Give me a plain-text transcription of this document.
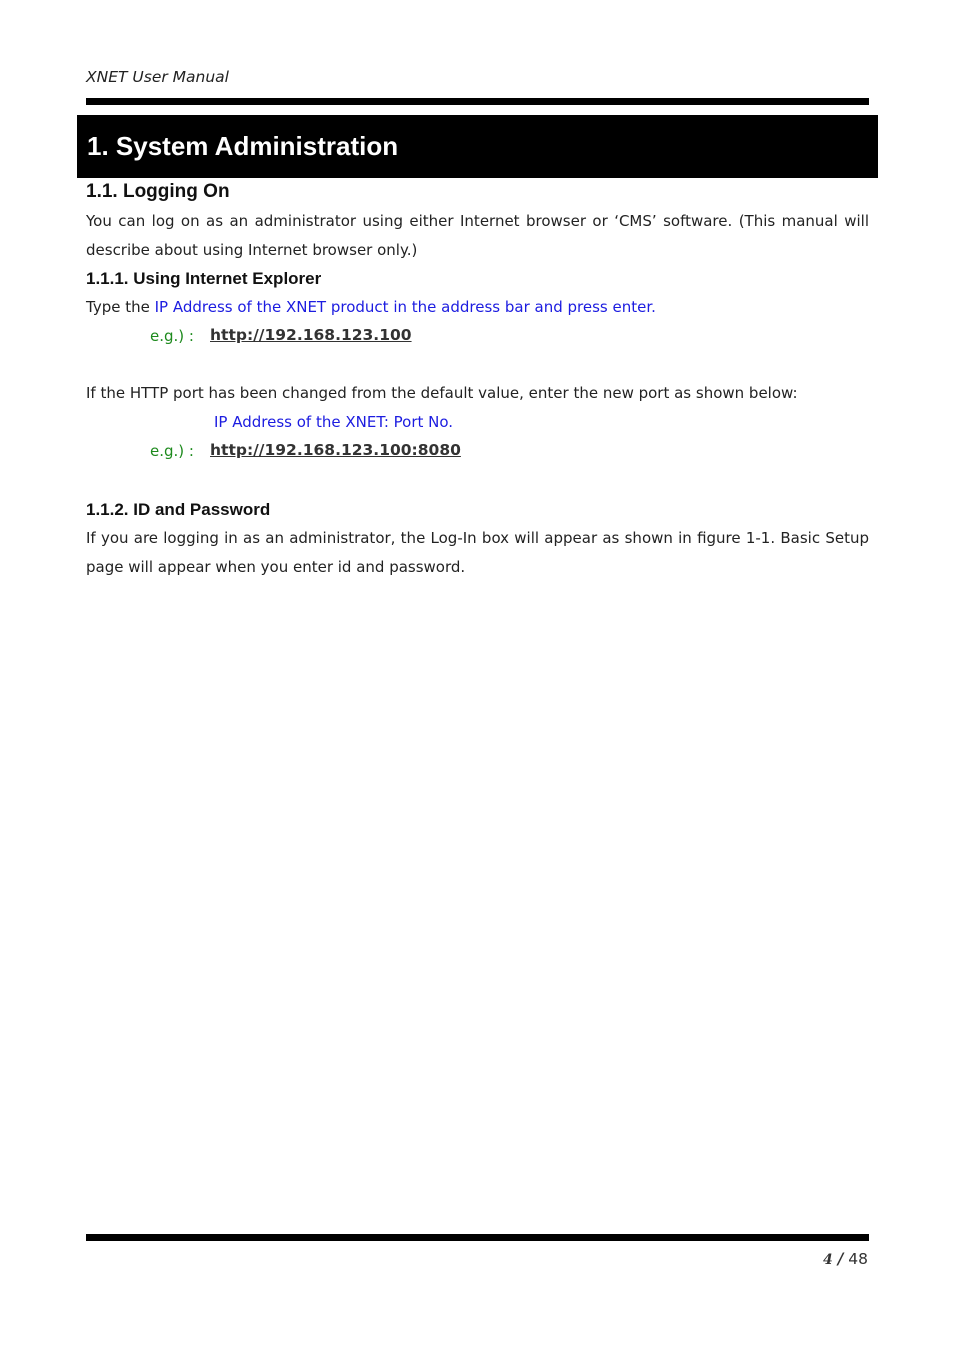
XNET User Manual
1. System Administration
1.1. Logging On
You can log on as an administrator using either Internet browser or ‘CMS’ software. (This manual will describe about using Internet browser only.)
1.1.1. Using Internet Explorer
Type the IP Address of the XNET product in the address bar and press enter.
e.g.) : http://192.168.123.100
If the HTTP port has been changed from the default value, enter the new port as shown below:
IP Address of the XNET: Port No.
e.g.) : http://192.168.123.100:8080
1.1.2. ID and Password
If you are logging in as an administrator, the Log-In box will appear as shown in figure 1-1. Basic Setup page will appear when you enter id and password.
4 / 48
